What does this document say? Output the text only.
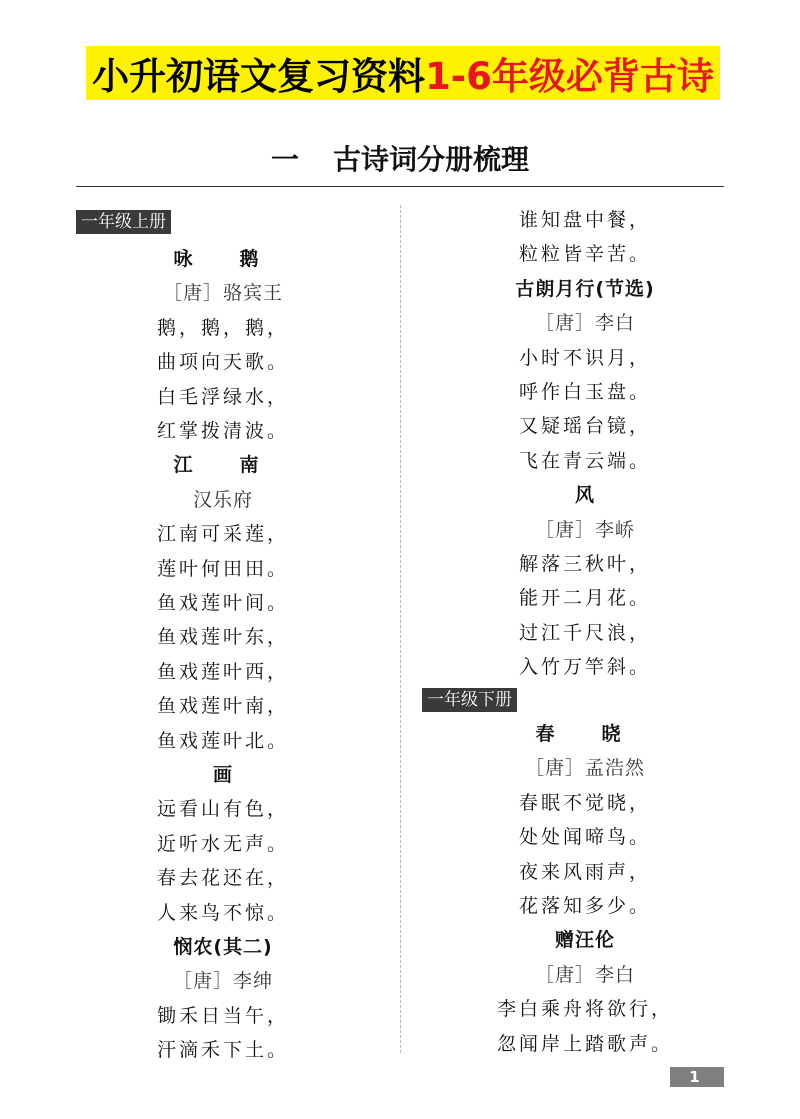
小升初语文复习资料 1-6年级必背古诗
一 古诗词分册梳理
一年级上册
咏　鹅
［唐］骆宾王
鹅，鹅，鹅，
曲项向天歌。
白毛浮绿水，
红掌拨清波。
江　南
汉乐府
江南可采莲，
莲叶何田田。
鱼戏莲叶间。
鱼戏莲叶东，
鱼戏莲叶西，
鱼戏莲叶南，
鱼戏莲叶北。
画
远看山有色，
近听水无声。
春去花还在，
人来鸟不惊。
悯农(其二)
［唐］李绅
锄禾日当午，
汗滴禾下土。
谁知盘中餐，
粒粒皆辛苦。
古朗月行(节选)
［唐］李白
小时不识月，
呼作白玉盘。
又疑瑶台镜，
飞在青云端。
风
［唐］李峤
解落三秋叶，
能开二月花。
过江千尺浪，
入竹万竿斜。
一年级下册
春　晓
［唐］孟浩然
春眠不觉晓，
处处闻啼鸟。
夜来风雨声，
花落知多少。
赠汪伦
［唐］李白
李白乘舟将欲行，
忽闻岸上踏歌声。
1
